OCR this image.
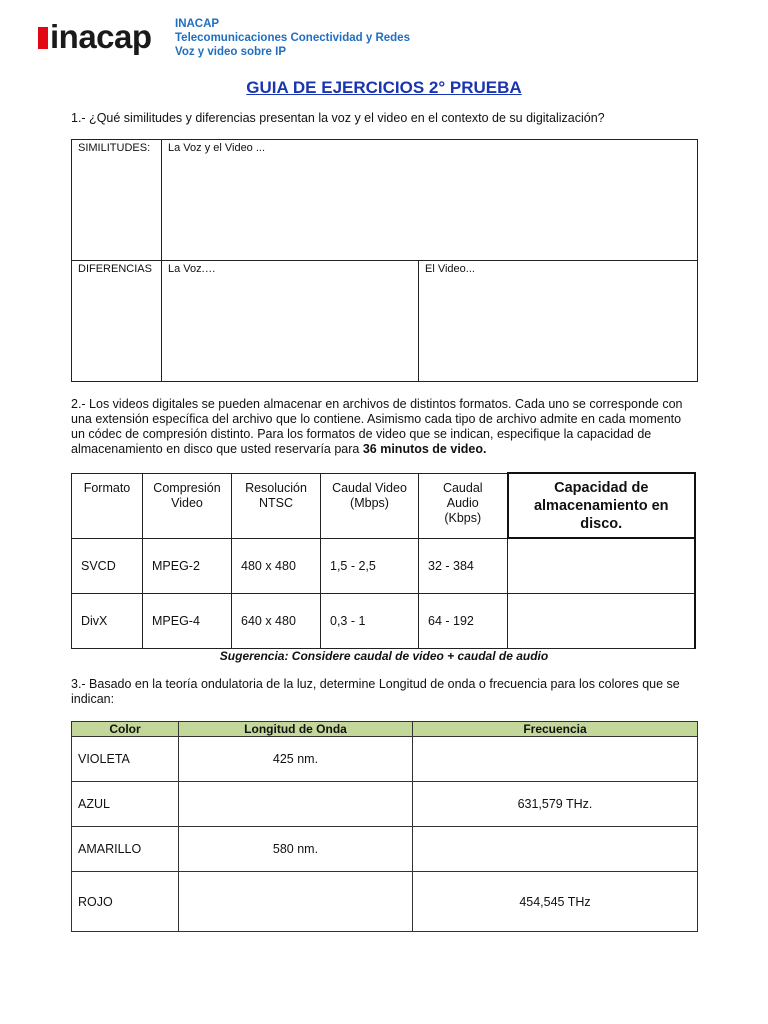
inacap INACAP
Telecomunicaciones Conectividad y Redes
Voz y video sobre IP
GUIA DE EJERCICIOS 2° PRUEBA
1.- ¿Qué similitudes y diferencias presentan la voz y el video en el contexto de su digitalización?
SIMILITUDES:	La Voz y el Video ...	
DIFERENCIAS	La Voz.…	El Video...
2.- Los videos digitales se pueden almacenar en archivos de distintos formatos. Cada uno se corresponde con una extensión específica del archivo que lo contiene. Asimismo cada tipo de archivo admite en cada momento un códec de compresión distinto. Para los formatos de video que se indican, especifique la capacidad de almacenamiento en disco que usted reservaría para 36 minutos de video.
Formato	Compresión Video	Resolución NTSC	Caudal Video (Mbps)	Caudal Audio (Kbps)	Capacidad de almacenamiento en disco.
SVCD	MPEG-2	480 x 480	1,5 - 2,5	32 - 384	
DivX	MPEG-4	640 x 480	0,3 - 1	64 - 192	
Sugerencia: Considere caudal de video + caudal de audio
3.- Basado en la teoría ondulatoria de la luz, determine Longitud de onda o frecuencia para los colores que se indican:
Color	Longitud de Onda	Frecuencia
VIOLETA	425 nm.	
AZUL		631,579 THz.
AMARILLO	580 nm.	
ROJO		454,545 THz
